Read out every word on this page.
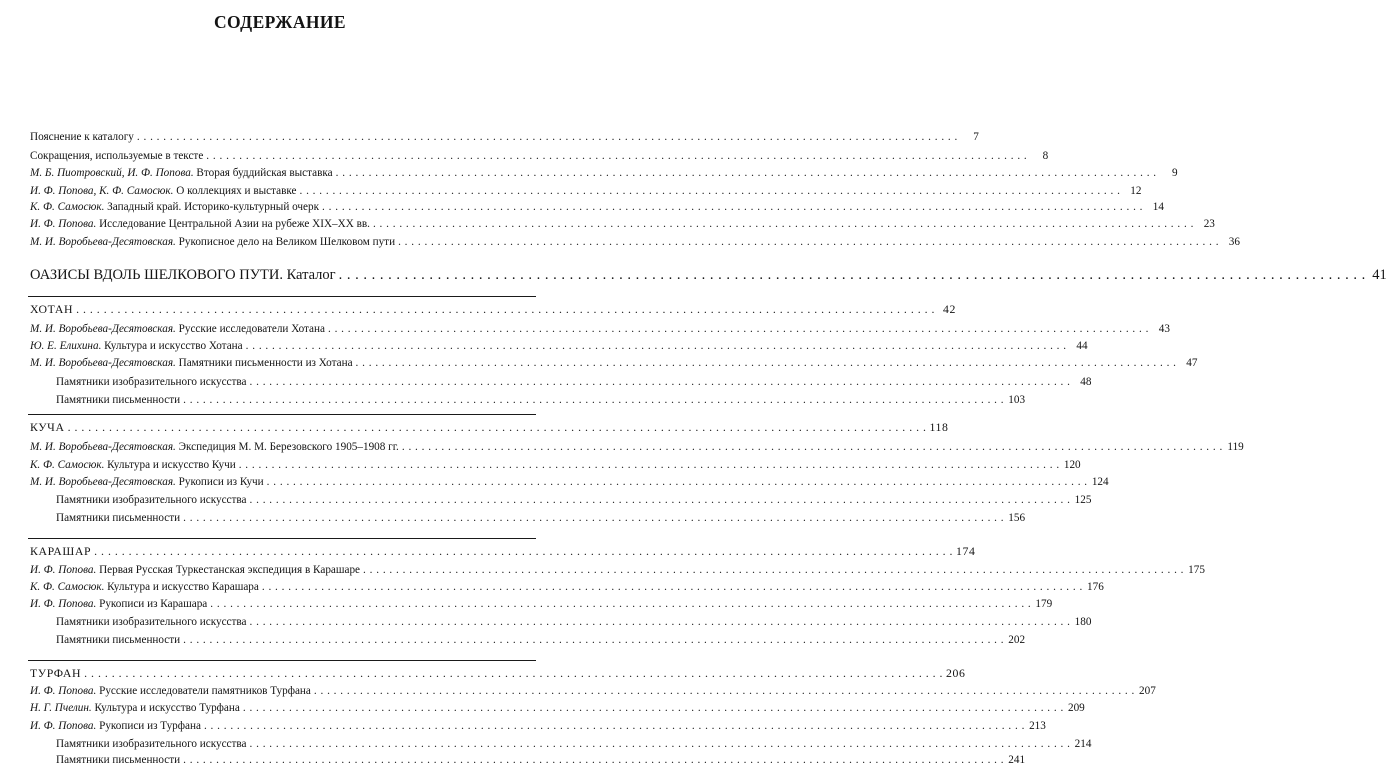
СОДЕРЖАНИЕ
Пояснение к каталогу . . .	7
Сокращения, используемые в тексте . . .	8
М. Б. Пиотровский, И. Ф. Попова. Вторая буддийская выставка . . .	9
И. Ф. Попова, К. Ф. Самосюк. О коллекциях и выставке . . .	12
К. Ф. Самосюк. Западный край. Историко-культурный очерк . . .	14
И. Ф. Попова. Исследование Центральной Азии на рубеже XIX–XX вв. . . .	23
М. И. Воробьева-Десятовская. Рукописное дело на Великом Шелковом пути . . .	36
ОАЗИСЫ ВДОЛЬ ШЕЛКОВОГО ПУТИ. Каталог . . .	41
ХОТАН . . .	42
М. И. Воробьева-Десятовская. Русские исследователи Хотана . . .	43
Ю. Е. Елихина. Культура и искусство Хотана . . .	44
М. И. Воробьева-Десятовская. Памятники письменности из Хотана . . .	47
Памятники изобразительного искусства . . .	48
Памятники письменности . . .	103
КУЧА . . .	118
М. И. Воробьева-Десятовская. Экспедиция М. М. Березовского 1905–1908 гг. . . .	119
К. Ф. Самосюк. Культура и искусство Кучи . . .	120
М. И. Воробьева-Десятовская. Рукописи из Кучи . . .	124
Памятники изобразительного искусства . . .	125
Памятники письменности . . .	156
КАРАШАР . . .	174
И. Ф. Попова. Первая Русская Туркестанская экспедиция в Карашаре . . .	175
К. Ф. Самосюк. Культура и искусство Карашара . . .	176
И. Ф. Попова. Рукописи из Карашара . . .	179
Памятники изобразительного искусства . . .	180
Памятники письменности . . .	202
ТУРФАН . . .	206
И. Ф. Попова. Русские исследователи памятников Турфана . . .	207
Н. Г. Пчелин. Культура и искусство Турфана . . .	209
И. Ф. Попова. Рукописи из Турфана . . .	213
Памятники изобразительного искусства . . .	214
Памятники письменности . . .	241
